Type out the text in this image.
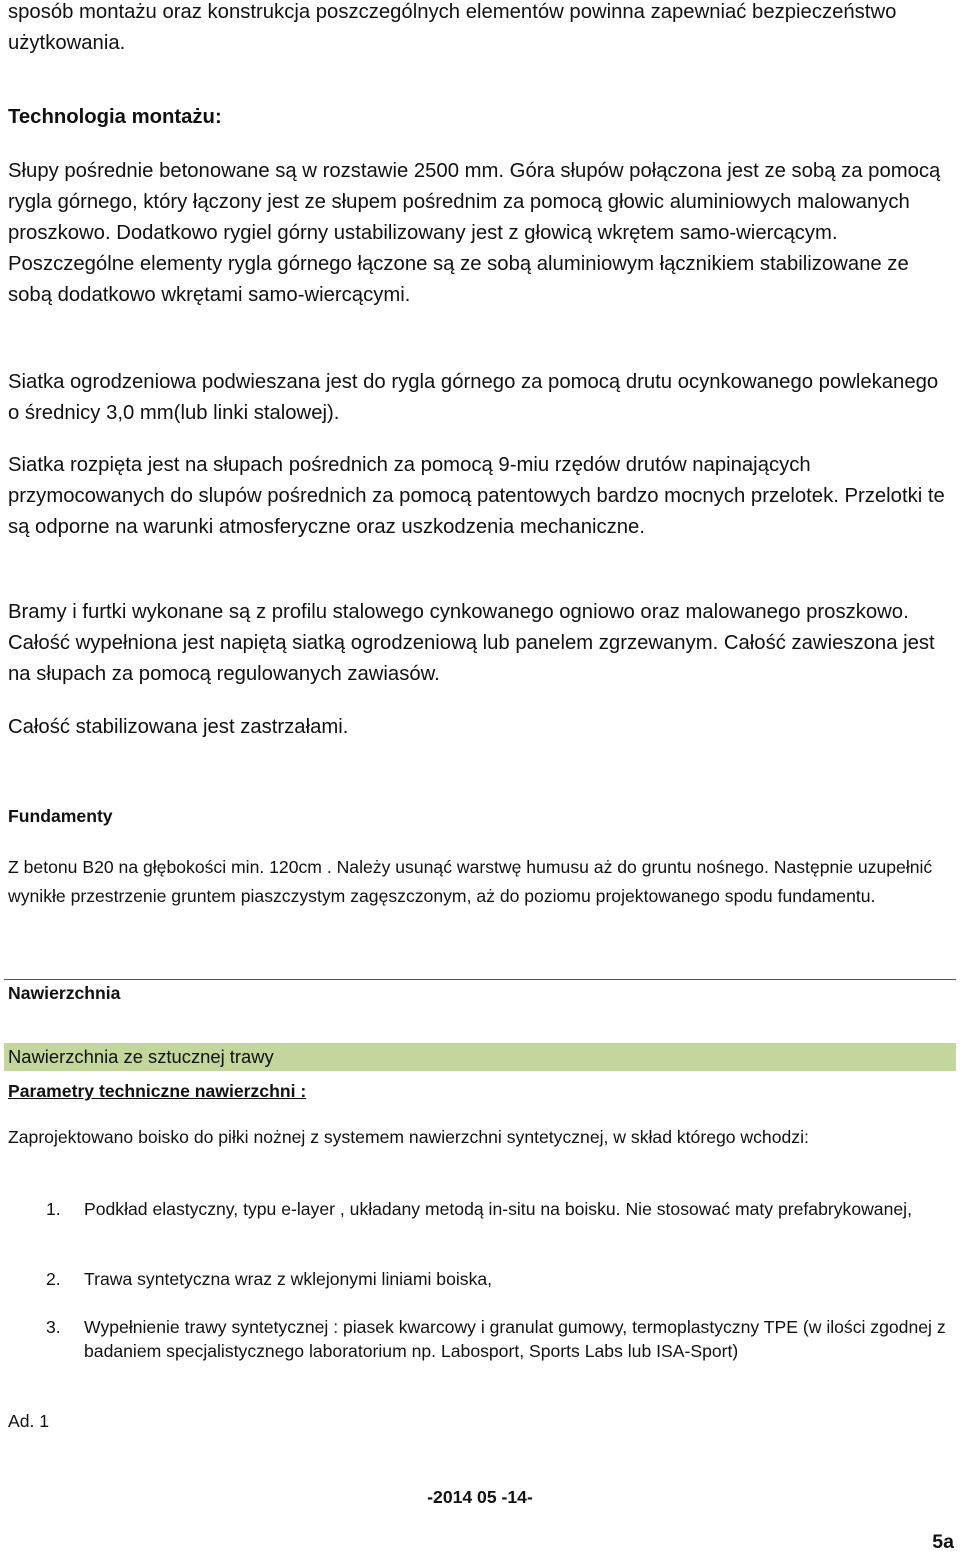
sposób montażu oraz konstrukcja poszczególnych elementów powinna zapewniać bezpieczeństwo użytkowania.

Technologia montażu:

Słupy pośrednie betonowane są w rozstawie 2500 mm. Góra słupów połączona jest ze sobą za pomocą rygla górnego, który łączony jest ze słupem pośrednim za pomocą głowic aluminiowych malowanych proszkowo. Dodatkowo rygiel górny ustabilizowany jest z głowicą wkrętem samo-wiercącym. Poszczególne elementy rygla górnego łączone są ze sobą aluminiowym łącznikiem stabilizowane ze sobą dodatkowo wkrętami samo-wiercącymi.

Siatka ogrodzeniowa podwieszana jest do rygla górnego za pomocą drutu ocynkowanego powlekanego o średnicy 3,0 mm(lub linki stalowej).

Siatka rozpięta jest na słupach pośrednich za pomocą 9-miu rzędów drutów napinających przymocowanych do slupów pośrednich za pomocą patentowych bardzo mocnych przelotek. Przelotki te są odporne na warunki atmosferyczne oraz uszkodzenia mechaniczne.

Bramy i furtki wykonane są z profilu stalowego cynkowanego ogniowo oraz malowanego proszkowo. Całość wypełniona jest napiętą siatką ogrodzeniową lub panelem zgrzewanym. Całość zawieszona jest na słupach za pomocą regulowanych zawiasów.

Całość stabilizowana jest zastrzałami.

Fundamenty

Z betonu B20 na głębokości min. 120cm . Należy usunąć warstwę humusu aż do gruntu nośnego. Następnie uzupełnić wynikłe przestrzenie gruntem piaszczystym zagęszczonym, aż do poziomu projektowanego spodu fundamentu.

Nawierzchnia

Nawierzchnia ze sztucznej trawy

Parametry techniczne nawierzchni :

Zaprojektowano boisko do piłki nożnej z systemem nawierzchni syntetycznej, w skład którego wchodzi:

1.	Podkład elastyczny, typu e-layer , układany metodą in-situ na boisku. Nie stosować maty prefabrykowanej,
2.	Trawa syntetyczna wraz z wklejonymi liniami boiska,
3.	Wypełnienie trawy syntetycznej : piasek kwarcowy i granulat gumowy, termoplastyczny TPE (w ilości zgodnej z badaniem specjalistycznego laboratorium np. Labosport, Sports Labs lub ISA-Sport)

Ad. 1

-2014 05 -14-
5a
